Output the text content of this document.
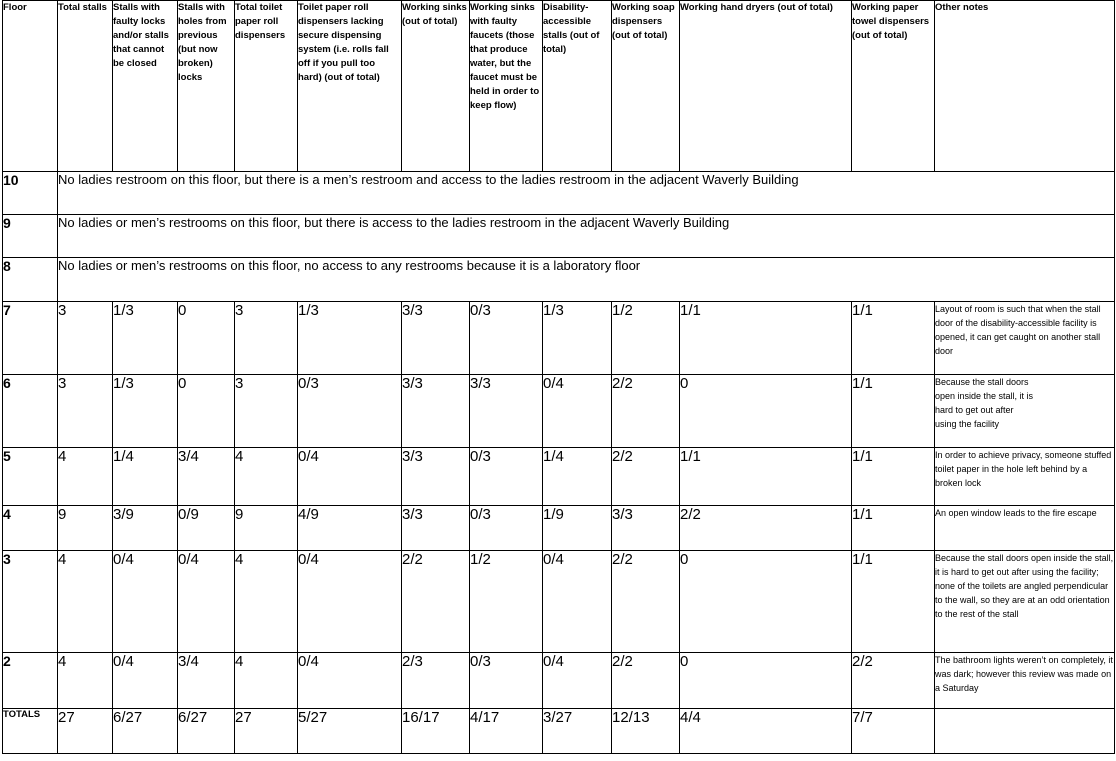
Floor	Total stalls	Stalls with faulty locks and/or stalls that cannot be closed	Stalls with holes from previous (but now broken) locks	Total toilet paper roll dispensers	Toilet paper roll dispensers lacking secure dispensing system (i.e. rolls fall off if you pull too hard) (out of total)	Working sinks (out of total)	Working sinks with faulty faucets (those that produce water, but the faucet must be held in order to keep flow)	Disability-accessible stalls (out of total)	Working soap dispensers (out of total)	Working hand dryers (out of total)	Working paper towel dispensers (out of total)	Other notes
10	No ladies restroom on this floor, but there is a men’s restroom and access to the ladies restroom in the adjacent Waverly Building											
9	No ladies or men’s restrooms on this floor, but there is access to the ladies restroom in the adjacent Waverly Building											
8	No ladies or men’s restrooms on this floor, no access to any restrooms because it is a laboratory floor											
7	3	1/3	0	3	1/3	3/3	0/3	1/3	1/2	1/1	1/1	Layout of room is such that when the stall door of the disability-accessible facility is opened, it can get caught on another stall door
6	3	1/3	0	3	0/3	3/3	3/3	0/4	2/2	0	1/1	Because the stall doors
open inside the stall, it is
hard to get out after
using the facility

5	4	1/4	3/4	4	0/4	3/3	0/3	1/4	2/2	1/1	1/1	In order to achieve privacy, someone stuffed toilet paper in the hole left behind by a broken lock
4	9	3/9	0/9	9	4/9	3/3	0/3	1/9	3/3	2/2	1/1	An open window leads to the fire escape
3	4	0/4	0/4	4	0/4	2/2	1/2	0/4	2/2	0	1/1	Because the stall doors open inside the stall, it is hard to get out after using the facility; none of the toilets are angled perpendicular to the wall, so they are at an odd orientation to the rest of the stall
2	4	0/4	3/4	4	0/4	2/3	0/3	0/4	2/2	0	2/2	The bathroom lights weren’t on completely, it was dark; however this review was made on a Saturday
TOTALS	27	6/27	6/27	27	5/27	16/17	4/17	3/27	12/13	4/4	7/7	
